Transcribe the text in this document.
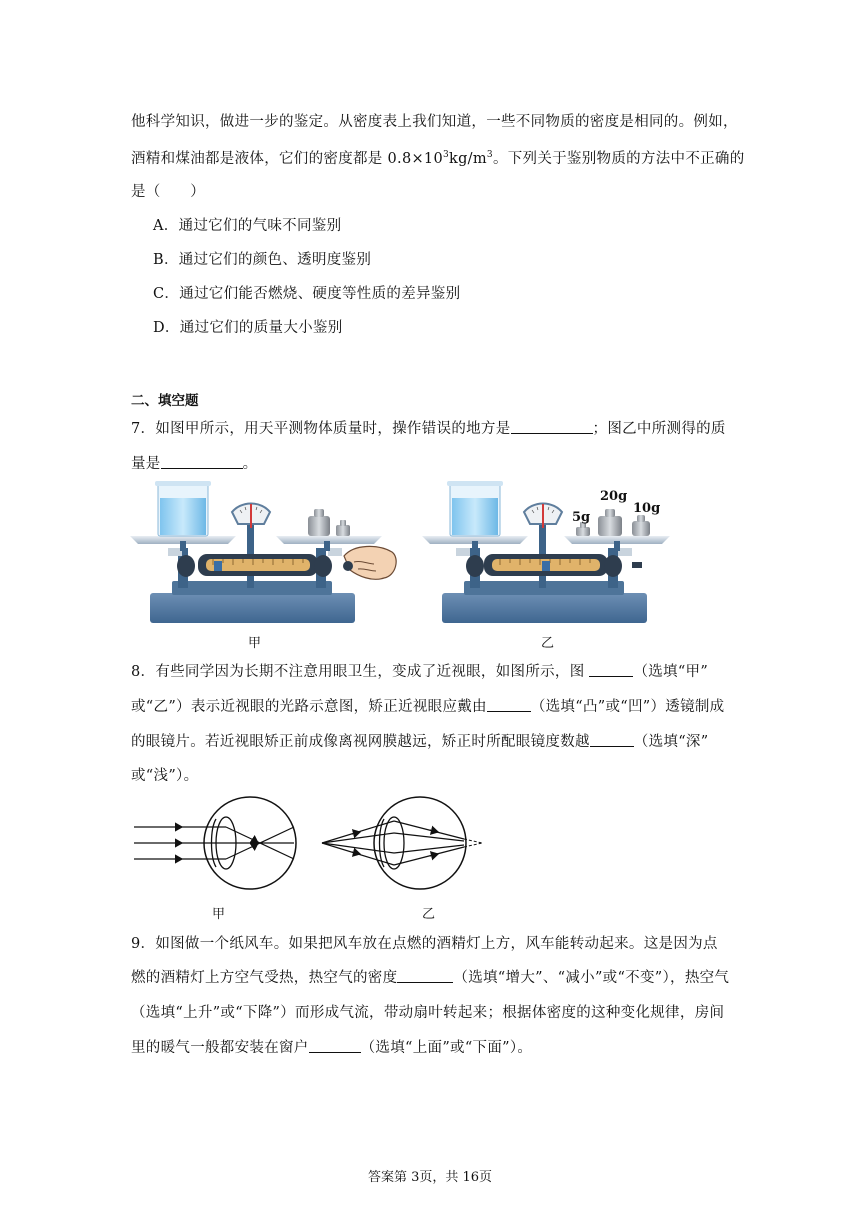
他科学知识，做进一步的鉴定。从密度表上我们知道，一些不同物质的密度是相同的。例如，
酒精和煤油都是液体，它们的密度都是 $0.8\times 10^3kg/m^3$。下列关于鉴别物质的方法中不正确的
是（　　）
A．通过它们的气味不同鉴别
B．通过它们的颜色、透明度鉴别
C．通过它们能否燃烧、硬度等性质的差异鉴别
D．通过它们的质量大小鉴别
二、填空题
7．如图甲所示，用天平测物体质量时，操作错误的地方是	；图乙中所测得的质
量是	。
20g
5g
10g
甲	乙
8．有些同学因为长期不注意用眼卫生，变成了近视眼，如图所示，图	（选填“甲”
或“乙”）表示近视眼的光路示意图，矫正近视眼应戴由	（选填“凸”或“凹”）透镜制成
的眼镜片。若近视眼矫正前成像离视网膜越远，矫正时所配眼镜度数越	（选填“深”
或“浅”）。
甲	乙
9．如图做一个纸风车。如果把风车放在点燃的酒精灯上方，风车能转动起来。这是因为点
燃的酒精灯上方空气受热，热空气的密度	（选填“增大”、“减小”或“不变”），热空气
（选填“上升”或“下降”）而形成气流，带动扇叶转起来；根据体密度的这种变化规律，房间
里的暖气一般都安装在窗户	（选填“上面”或“下面”）。
答案第 3页，共 16页
